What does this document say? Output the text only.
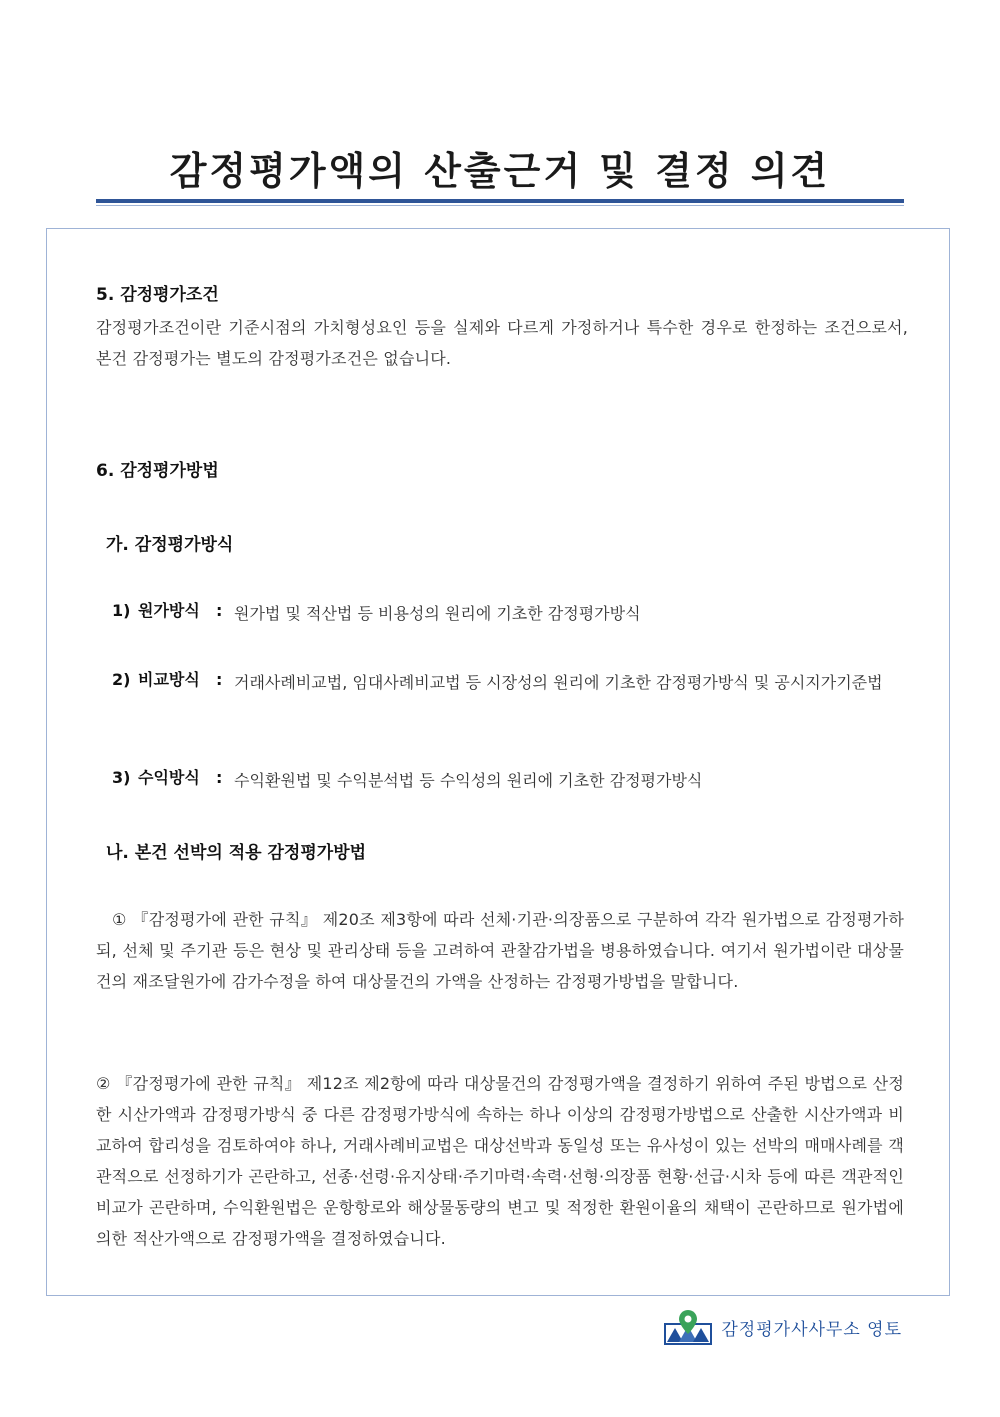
감정평가액의 산출근거 및 결정 의견
5. 감정평가조건
감정평가조건이란 기준시점의 가치형성요인 등을 실제와 다르게 가정하거나 특수한 경우로 한정하는 조건으로서, 본건 감정평가는 별도의 감정평가조건은 없습니다.
6. 감정평가방법
가. 감정평가방식
1) 원가방식 : 원가법 및 적산법 등 비용성의 원리에 기초한 감정평가방식
2) 비교방식 : 거래사례비교법, 임대사례비교법 등 시장성의 원리에 기초한 감정평가방식 및 공시지가기준법
3) 수익방식 : 수익환원법 및 수익분석법 등 수익성의 원리에 기초한 감정평가방식
나. 본건 선박의 적용 감정평가방법
① 『감정평가에 관한 규칙』 제20조 제3항에 따라 선체·기관·의장품으로 구분하여 각각 원가법으로 감정평가하되, 선체 및 주기관 등은 현상 및 관리상태 등을 고려하여 관찰감가법을 병용하였습니다. 여기서 원가법이란 대상물건의 재조달원가에 감가수정을 하여 대상물건의 가액을 산정하는 감정평가방법을 말합니다.
② 『감정평가에 관한 규칙』 제12조 제2항에 따라 대상물건의 감정평가액을 결정하기 위하여 주된 방법으로 산정한 시산가액과 감정평가방식 중 다른 감정평가방식에 속하는 하나 이상의 감정평가방법으로 산출한 시산가액과 비교하여 합리성을 검토하여야 하나, 거래사례비교법은 대상선박과 동일성 또는 유사성이 있는 선박의 매매사례를 객관적으로 선정하기가 곤란하고, 선종·선령·유지상태·주기마력·속력·선형·의장품 현황·선급·시차 등에 따른 객관적인 비교가 곤란하며, 수익환원법은 운항항로와 해상물동량의 변고 및 적정한 환원이율의 채택이 곤란하므로 원가법에 의한 적산가액으로 감정평가액을 결정하였습니다.
감정평가사사무소 영토
